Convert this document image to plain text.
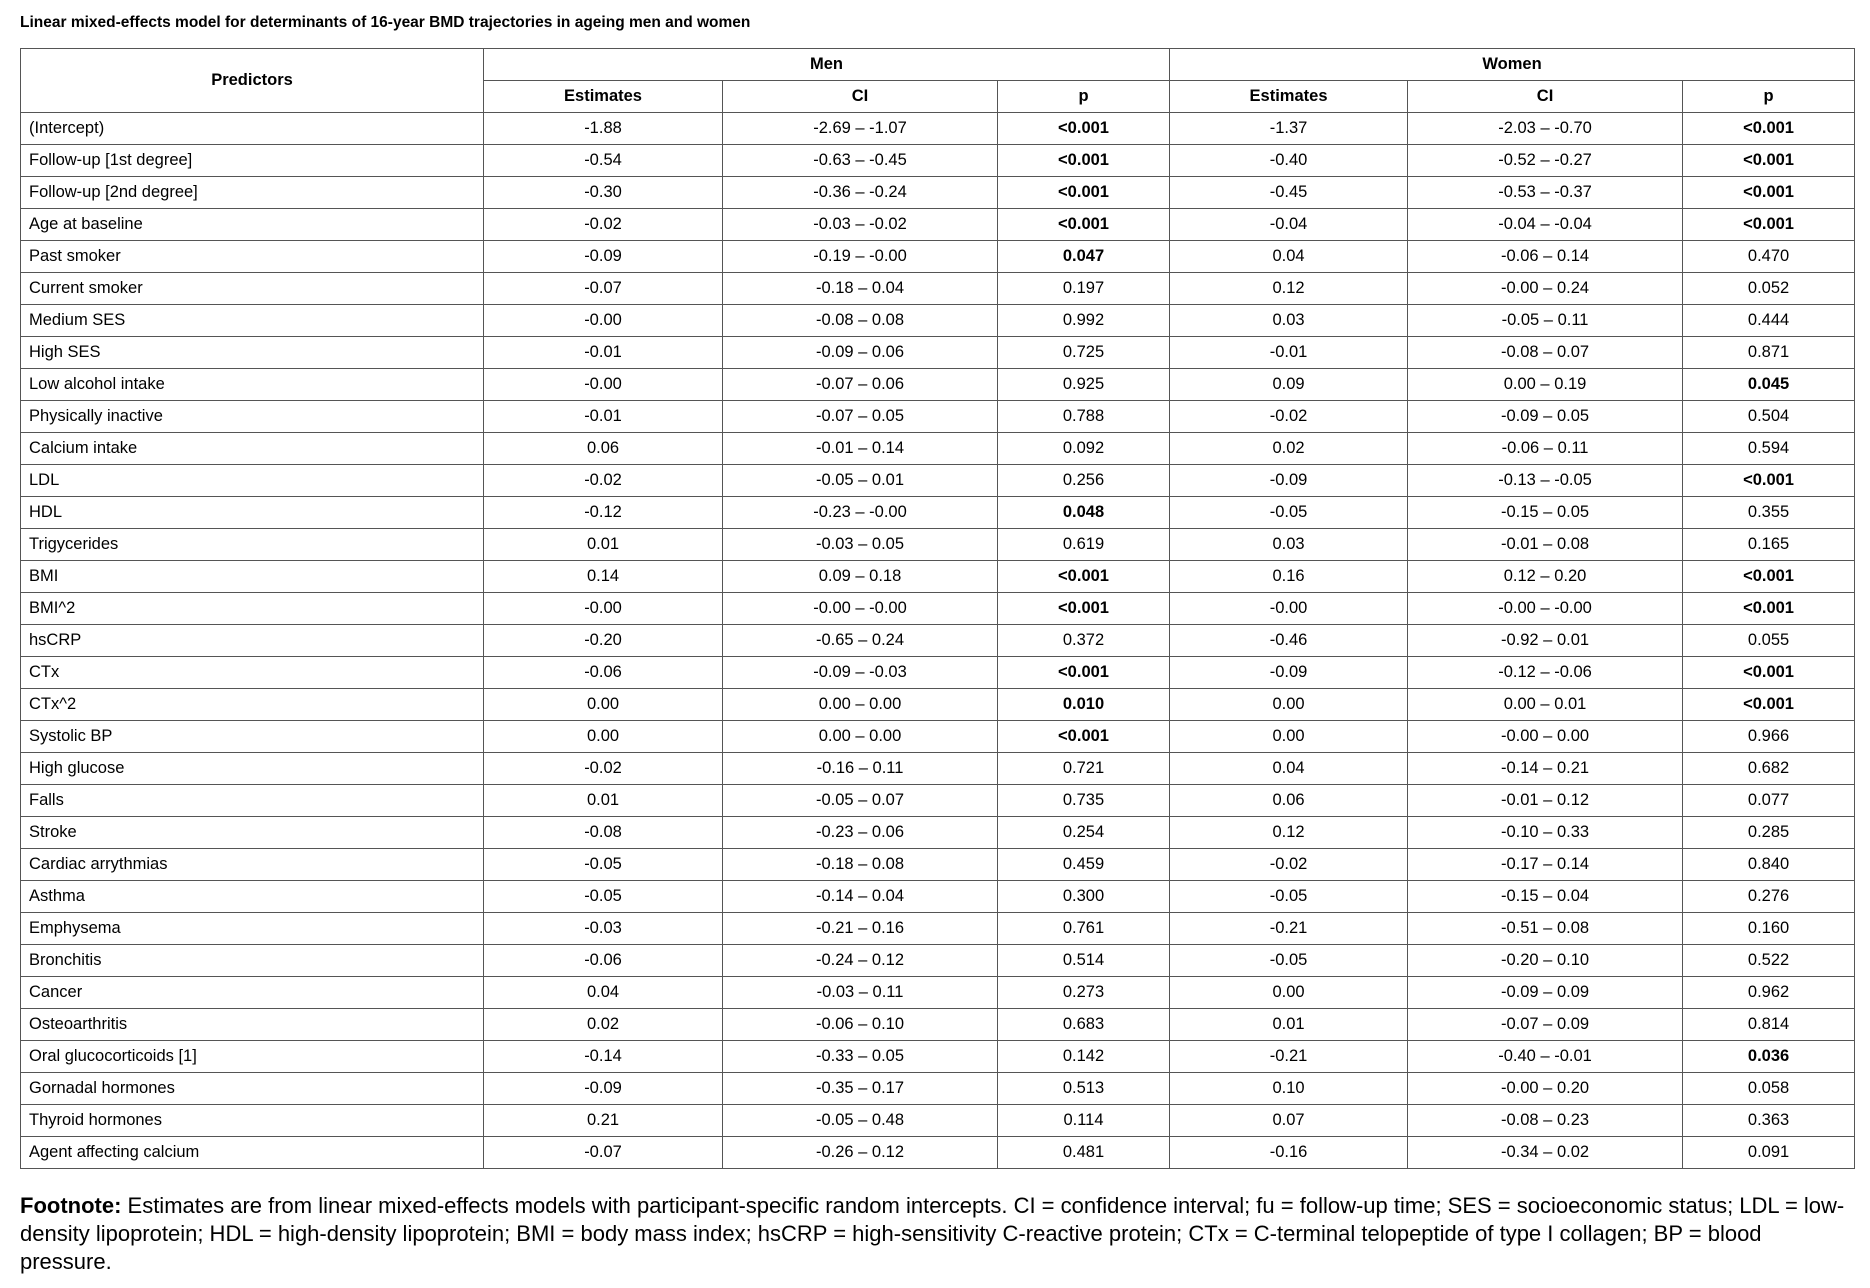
Linear mixed-effects model for determinants of 16-year BMD trajectories in ageing men and women
Predictors	Men			Women		
	Estimates	CI	p	Estimates	CI	p
(Intercept)	-1.88	-2.69 – -1.07	<0.001	-1.37	-2.03 – -0.70	<0.001
Follow-up [1st degree]	-0.54	-0.63 – -0.45	<0.001	-0.40	-0.52 – -0.27	<0.001
Follow-up [2nd degree]	-0.30	-0.36 – -0.24	<0.001	-0.45	-0.53 – -0.37	<0.001
Age at baseline	-0.02	-0.03 – -0.02	<0.001	-0.04	-0.04 – -0.04	<0.001
Past smoker	-0.09	-0.19 – -0.00	0.047	0.04	-0.06 – 0.14	0.470
Current smoker	-0.07	-0.18 – 0.04	0.197	0.12	-0.00 – 0.24	0.052
Medium SES	-0.00	-0.08 – 0.08	0.992	0.03	-0.05 – 0.11	0.444
High SES	-0.01	-0.09 – 0.06	0.725	-0.01	-0.08 – 0.07	0.871
Low alcohol intake	-0.00	-0.07 – 0.06	0.925	0.09	0.00 – 0.19	0.045
Physically inactive	-0.01	-0.07 – 0.05	0.788	-0.02	-0.09 – 0.05	0.504
Calcium intake	0.06	-0.01 – 0.14	0.092	0.02	-0.06 – 0.11	0.594
LDL	-0.02	-0.05 – 0.01	0.256	-0.09	-0.13 – -0.05	<0.001
HDL	-0.12	-0.23 – -0.00	0.048	-0.05	-0.15 – 0.05	0.355
Trigycerides	0.01	-0.03 – 0.05	0.619	0.03	-0.01 – 0.08	0.165
BMI	0.14	0.09 – 0.18	<0.001	0.16	0.12 – 0.20	<0.001
BMI^2	-0.00	-0.00 – -0.00	<0.001	-0.00	-0.00 – -0.00	<0.001
hsCRP	-0.20	-0.65 – 0.24	0.372	-0.46	-0.92 – 0.01	0.055
CTx	-0.06	-0.09 – -0.03	<0.001	-0.09	-0.12 – -0.06	<0.001
CTx^2	0.00	0.00 – 0.00	0.010	0.00	0.00 – 0.01	<0.001
Systolic BP	0.00	0.00 – 0.00	<0.001	0.00	-0.00 – 0.00	0.966
High glucose	-0.02	-0.16 – 0.11	0.721	0.04	-0.14 – 0.21	0.682
Falls	0.01	-0.05 – 0.07	0.735	0.06	-0.01 – 0.12	0.077
Stroke	-0.08	-0.23 – 0.06	0.254	0.12	-0.10 – 0.33	0.285
Cardiac arrythmias	-0.05	-0.18 – 0.08	0.459	-0.02	-0.17 – 0.14	0.840
Asthma	-0.05	-0.14 – 0.04	0.300	-0.05	-0.15 – 0.04	0.276
Emphysema	-0.03	-0.21 – 0.16	0.761	-0.21	-0.51 – 0.08	0.160
Bronchitis	-0.06	-0.24 – 0.12	0.514	-0.05	-0.20 – 0.10	0.522
Cancer	0.04	-0.03 – 0.11	0.273	0.00	-0.09 – 0.09	0.962
Osteoarthritis	0.02	-0.06 – 0.10	0.683	0.01	-0.07 – 0.09	0.814
Oral glucocorticoids [1]	-0.14	-0.33 – 0.05	0.142	-0.21	-0.40 – -0.01	0.036
Gornadal hormones	-0.09	-0.35 – 0.17	0.513	0.10	-0.00 – 0.20	0.058
Thyroid hormones	0.21	-0.05 – 0.48	0.114	0.07	-0.08 – 0.23	0.363
Agent affecting calcium	-0.07	-0.26 – 0.12	0.481	-0.16	-0.34 – 0.02	0.091
Footnote: Estimates are from linear mixed-effects models with participant-specific random intercepts. CI = confidence interval; fu = follow-up time; SES = socioeconomic status; LDL = low-density lipoprotein; HDL = high-density lipoprotein; BMI = body mass index; hsCRP = high-sensitivity C-reactive protein; CTx = C-terminal telopeptide of type I collagen; BP = blood pressure.
